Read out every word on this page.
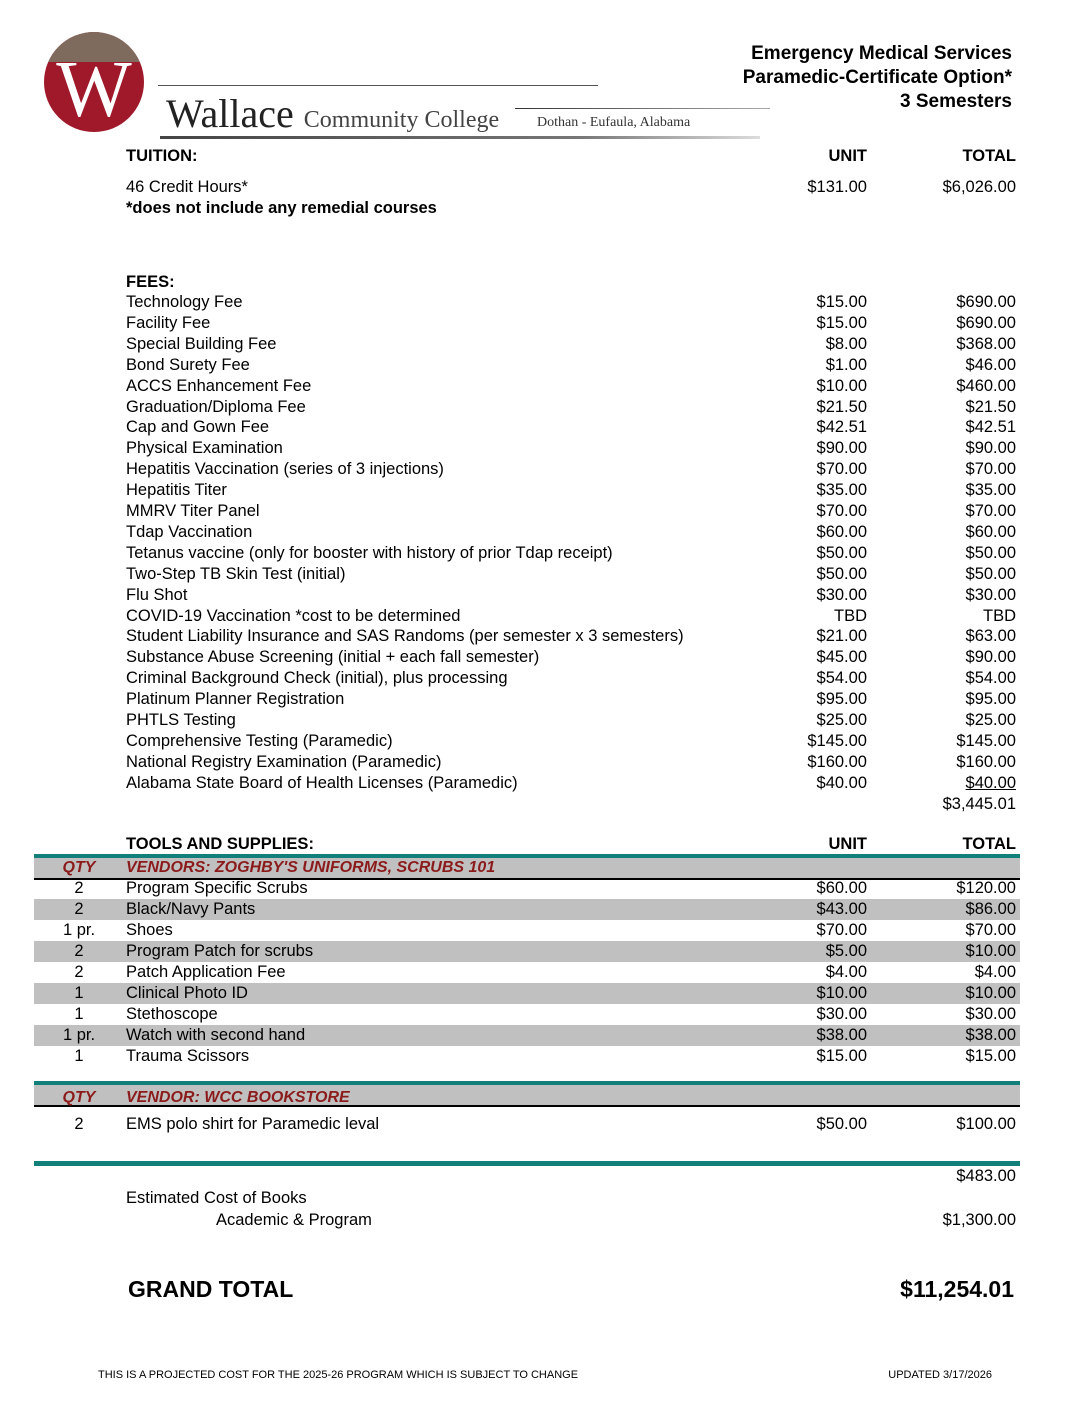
W Wallace Community College	Dothan - Eufaula, Alabama
Emergency Medical Services
Paramedic-Certificate Option*
3 Semesters
TUITION:	UNIT	TOTAL
46 Credit Hours*	$131.00	$6,026.00
*does not include any remedial courses
FEES:
Technology Fee	$15.00	$690.00
Facility Fee	$15.00	$690.00
Special Building Fee	$8.00	$368.00
Bond Surety Fee	$1.00	$46.00
ACCS Enhancement Fee	$10.00	$460.00
Graduation/Diploma Fee	$21.50	$21.50
Cap and Gown Fee	$42.51	$42.51
Physical Examination	$90.00	$90.00
Hepatitis Vaccination (series of 3 injections)	$70.00	$70.00
Hepatitis Titer	$35.00	$35.00
MMRV Titer Panel	$70.00	$70.00
Tdap Vaccination	$60.00	$60.00
Tetanus vaccine (only for booster with history of prior Tdap receipt)	$50.00	$50.00
Two-Step TB Skin Test (initial)	$50.00	$50.00
Flu Shot	$30.00	$30.00
COVID-19 Vaccination *cost to be determined	TBD	TBD
Student Liability Insurance and SAS Randoms (per semester x 3 semesters)	$21.00	$63.00
Substance Abuse Screening (initial + each fall semester)	$45.00	$90.00
Criminal Background Check (initial), plus processing	$54.00	$54.00
Platinum Planner Registration	$95.00	$95.00
PHTLS Testing	$25.00	$25.00
Comprehensive Testing (Paramedic)	$145.00	$145.00
National Registry Examination (Paramedic)	$160.00	$160.00
Alabama State Board of Health Licenses (Paramedic)	$40.00	$40.00
$3,445.01
TOOLS AND SUPPLIES:	UNIT	TOTAL
QTY	VENDORS: ZOGHBY'S UNIFORMS, SCRUBS 101
2	Program Specific Scrubs	$60.00	$120.00
2	Black/Navy Pants	$43.00	$86.00
1 pr.	Shoes	$70.00	$70.00
2	Program Patch for scrubs	$5.00	$10.00
2	Patch Application Fee	$4.00	$4.00
1	Clinical Photo ID	$10.00	$10.00
1	Stethoscope	$30.00	$30.00
1 pr.	Watch with second hand	$38.00	$38.00
1	Trauma Scissors	$15.00	$15.00
QTY	VENDOR: WCC BOOKSTORE
2	EMS polo shirt for Paramedic leval	$50.00	$100.00
$483.00
Estimated Cost of Books
Academic & Program	$1,300.00
GRAND TOTAL	$11,254.01
THIS IS A PROJECTED COST FOR THE 2025-26 PROGRAM WHICH IS SUBJECT TO CHANGE	UPDATED 3/17/2026
